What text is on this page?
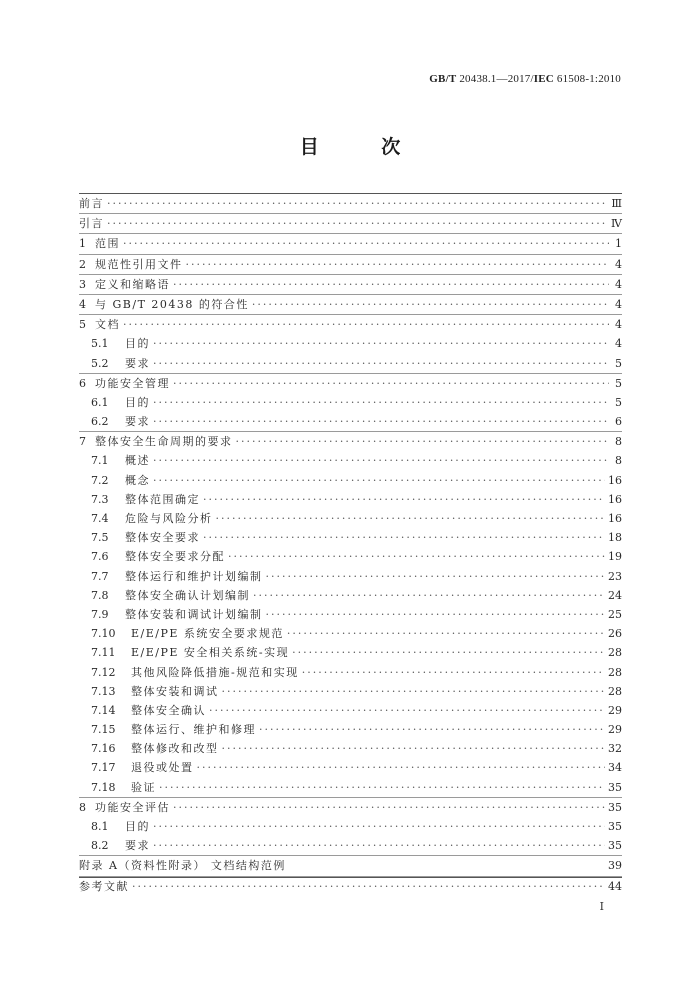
GB/T 20438.1—2017/IEC 61508-1:2010
目 次
前言 ·····	Ⅲ
引言 ·····	Ⅳ
1 范围 ·····	1
2 规范性引用文件 ·····	4
3 定义和缩略语 ·····	4
4 与 GB/T 20438 的符合性 ·····	4
5 文档 ·····	4
5.1	目的 ·····	4
5.2	要求 ·····	5
6 功能安全管理 ·····	5
6.1	目的 ·····	5
6.2	要求 ·····	6
7 整体安全生命周期的要求 ·····	8
7.1	概述 ·····	8
7.2	概念 ·····	16
7.3	整体范围确定 ·····	16
7.4	危险与风险分析 ·····	16
7.5	整体安全要求 ·····	18
7.6	整体安全要求分配 ·····	19
7.7	整体运行和维护计划编制 ·····	23
7.8	整体安全确认计划编制 ·····	24
7.9	整体安装和调试计划编制 ·····	25
7.10	E/E/PE 系统安全要求规范 ·····	26
7.11	E/E/PE 安全相关系统-实现 ·····	28
7.12	其他风险降低措施-规范和实现 ·····	28
7.13	整体安装和调试 ·····	28
7.14	整体安全确认 ·····	29
7.15	整体运行、维护和修理 ·····	29
7.16	整体修改和改型 ·····	32
7.17	退役或处置 ·····	34
7.18	验证 ·····	35
8 功能安全评估 ·····	35
8.1	目的 ·····	35
8.2	要求 ·····	35
附录 A（资料性附录） 文档结构范例	39
参考文献 ·····	44
I
